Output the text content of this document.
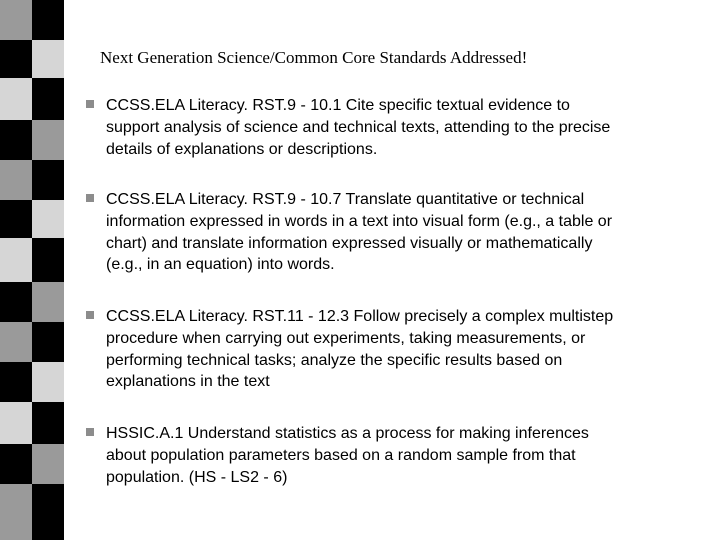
Next Generation Science/Common Core Standards Addressed!
CCSS.ELA Literacy. RST.9 - 10.1 Cite specific textual evidence to
support analysis of science and technical texts, attending to the precise
details of explanations or descriptions.
CCSS.ELA Literacy. RST.9 - 10.7 Translate quantitative or technical
information expressed in words in a text into visual form (e.g., a table or
chart) and translate information expressed visually or mathematically
(e.g., in an equation) into words.
CCSS.ELA Literacy. RST.11 - 12.3 Follow precisely a complex multistep
procedure when carrying out experiments, taking measurements, or
performing technical tasks; analyze the specific results based on
explanations in the text
HSSIC.A.1 Understand statistics as a process for making inferences
about population parameters based on a random sample from that
population. (HS - LS2 - 6)
